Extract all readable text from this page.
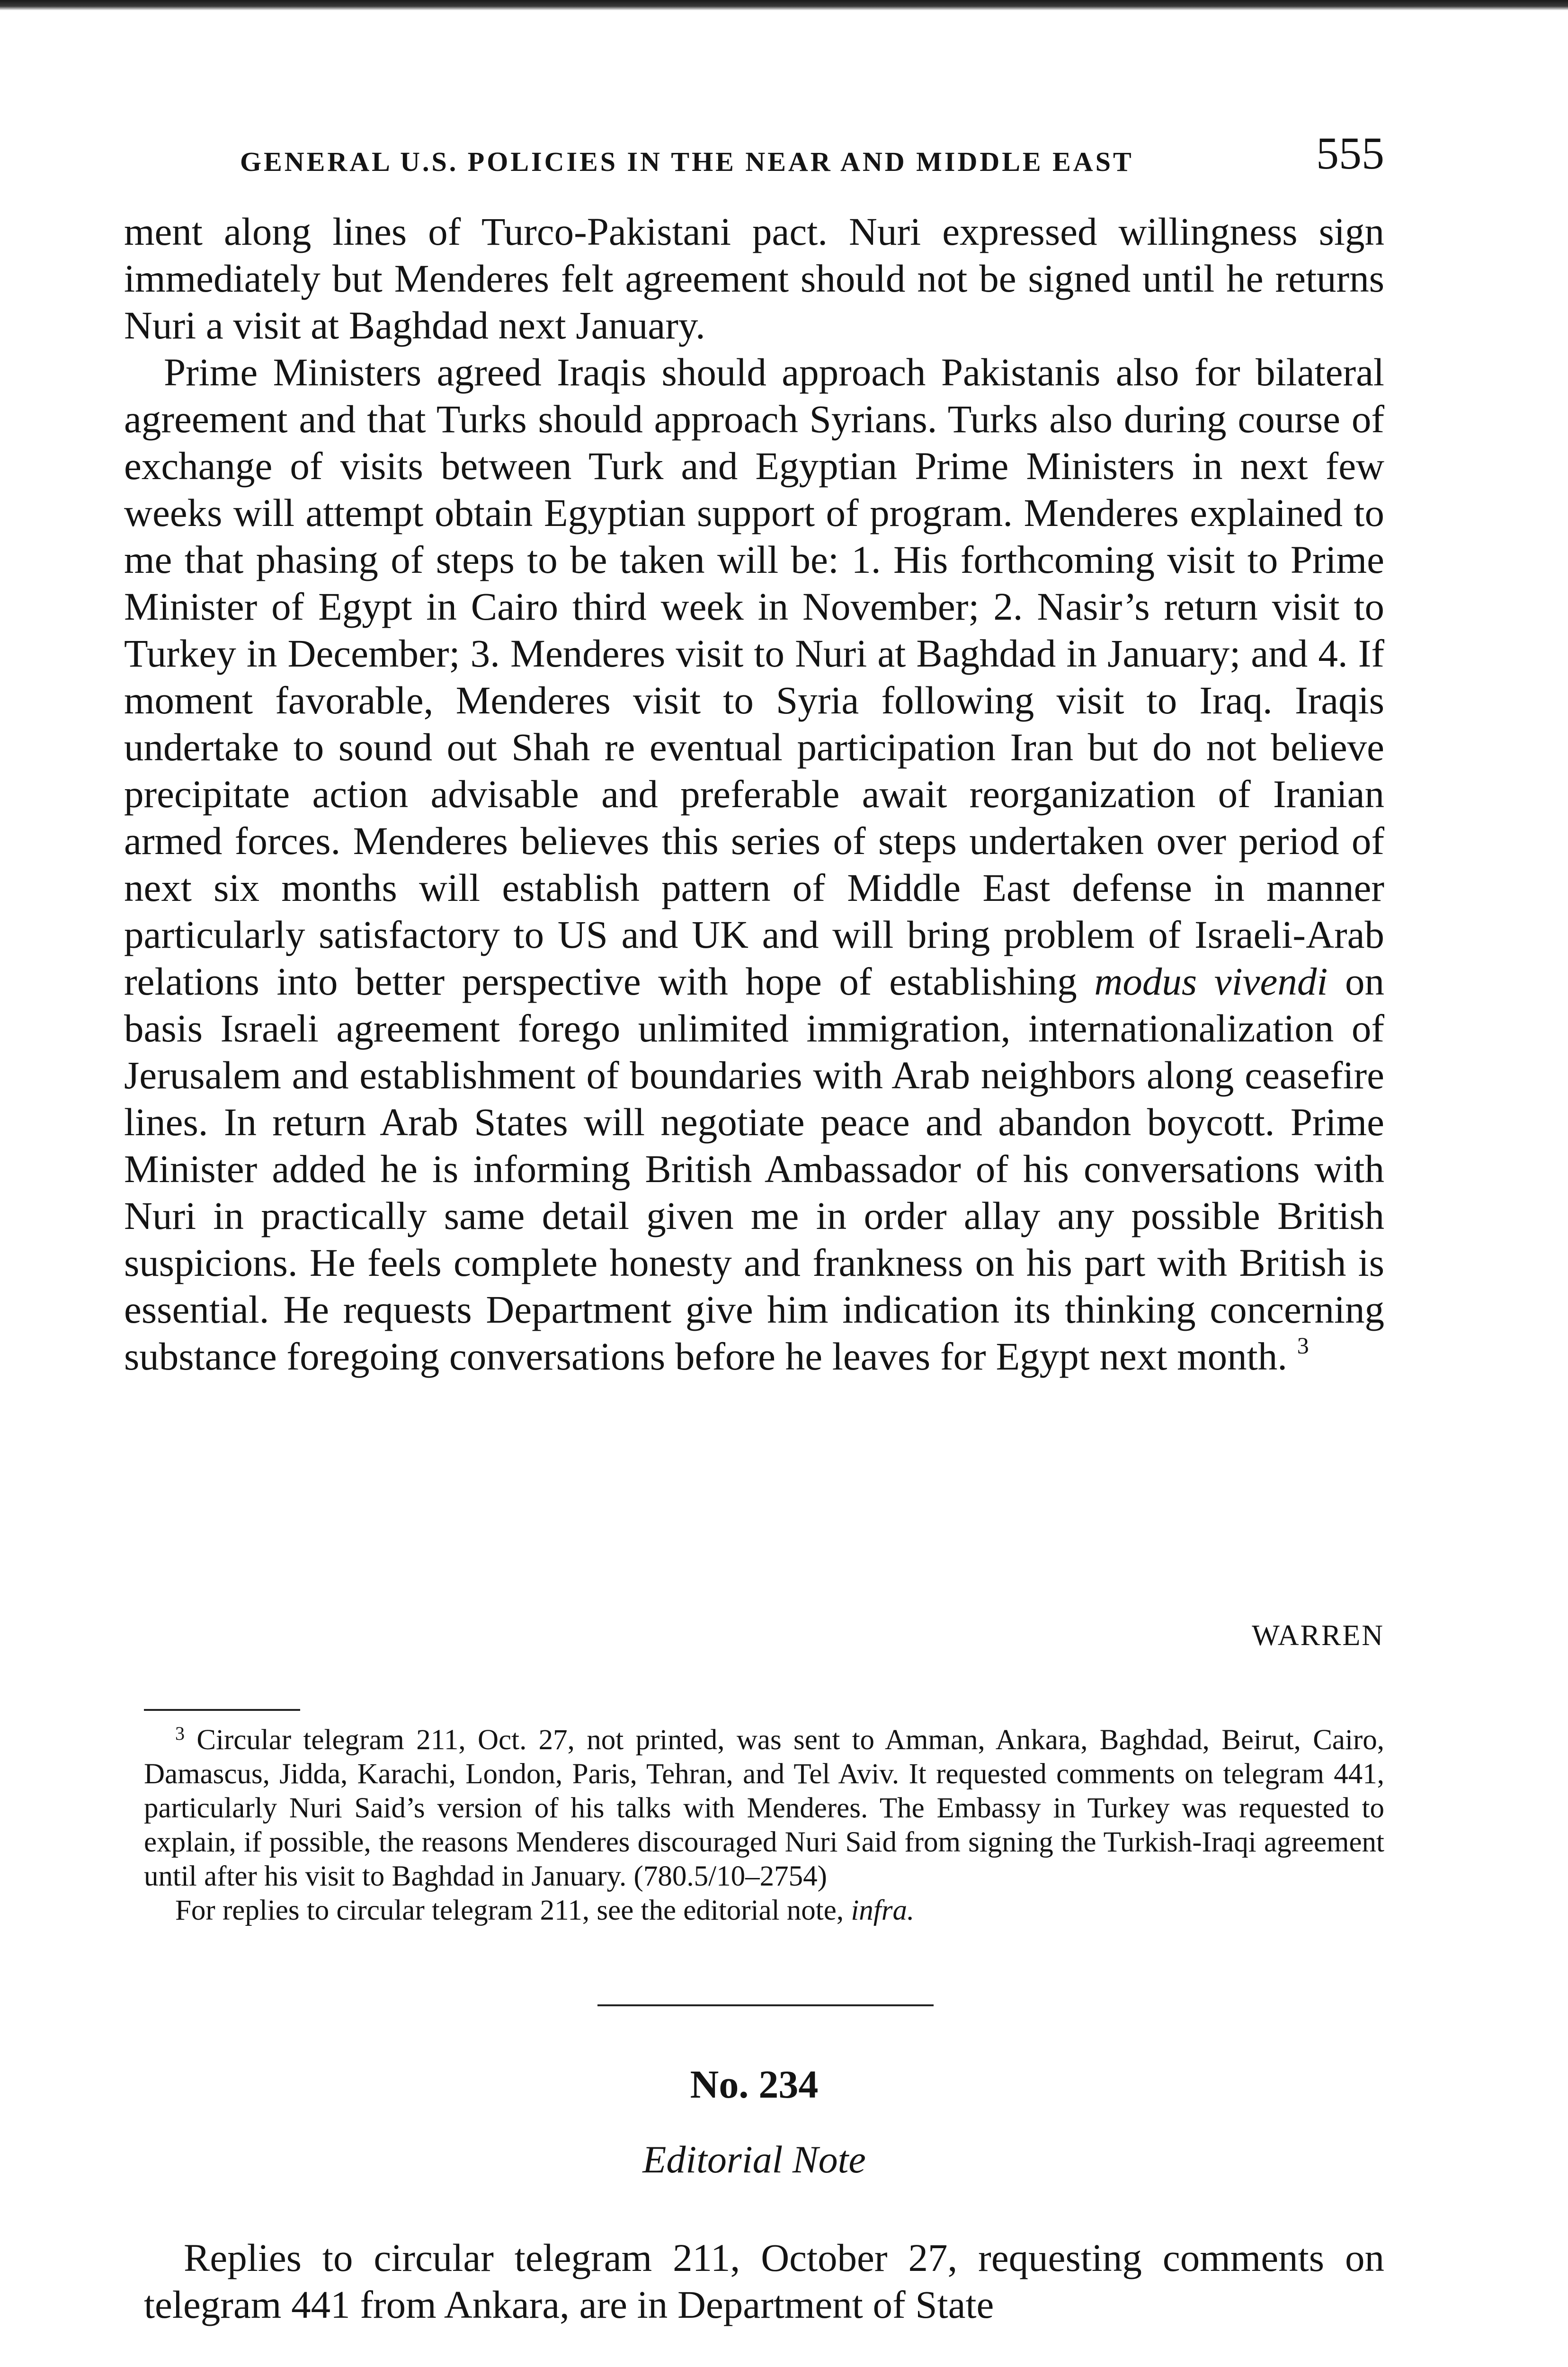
GENERAL U.S. POLICIES IN THE NEAR AND MIDDLE EAST	555

ment along lines of Turco-Pakistani pact. Nuri expressed willingness sign immediately but Menderes felt agreement should not be signed until he returns Nuri a visit at Baghdad next January.

Prime Ministers agreed Iraqis should approach Pakistanis also for bilateral agreement and that Turks should approach Syrians. Turks also during course of exchange of visits between Turk and Egyptian Prime Ministers in next few weeks will attempt obtain Egyptian support of program. Menderes explained to me that phasing of steps to be taken will be: 1. His forthcoming visit to Prime Minister of Egypt in Cairo third week in November; 2. Nasir’s return visit to Turkey in December; 3. Menderes visit to Nuri at Baghdad in January; and 4. If moment favorable, Menderes visit to Syria following visit to Iraq. Iraqis undertake to sound out Shah re eventual participation Iran but do not believe precipitate action advisable and preferable await reorganization of Iranian armed forces. Menderes believes this series of steps undertaken over period of next six months will establish pattern of Middle East defense in manner particularly satisfactory to US and UK and will bring problem of Israeli-Arab relations into better perspective with hope of establishing modus vivendi on basis Israeli agreement forego unlimited immigration, internationalization of Jerusalem and establishment of boundaries with Arab neighbors along ceasefire lines. In return Arab States will negotiate peace and abandon boycott. Prime Minister added he is informing British Ambassador of his conversations with Nuri in practically same detail given me in order allay any possible British suspicions. He feels complete honesty and frankness on his part with British is essential. He requests Department give him indication its thinking concerning substance foregoing conversations before he leaves for Egypt next month. $^3$

WARREN

$^3$ Circular telegram 211, Oct. 27, not printed, was sent to Amman, Ankara, Baghdad, Beirut, Cairo, Damascus, Jidda, Karachi, London, Paris, Tehran, and Tel Aviv. It requested comments on telegram 441, particularly Nuri Said’s version of his talks with Menderes. The Embassy in Turkey was requested to explain, if possible, the reasons Menderes discouraged Nuri Said from signing the Turkish-Iraqi agreement until after his visit to Baghdad in January. (780.5/10–2754)

For replies to circular telegram 211, see the editorial note, infra.

No. 234
Editorial Note

Replies to circular telegram 211, October 27, requesting comments on telegram 441 from Ankara, are in Department of State
